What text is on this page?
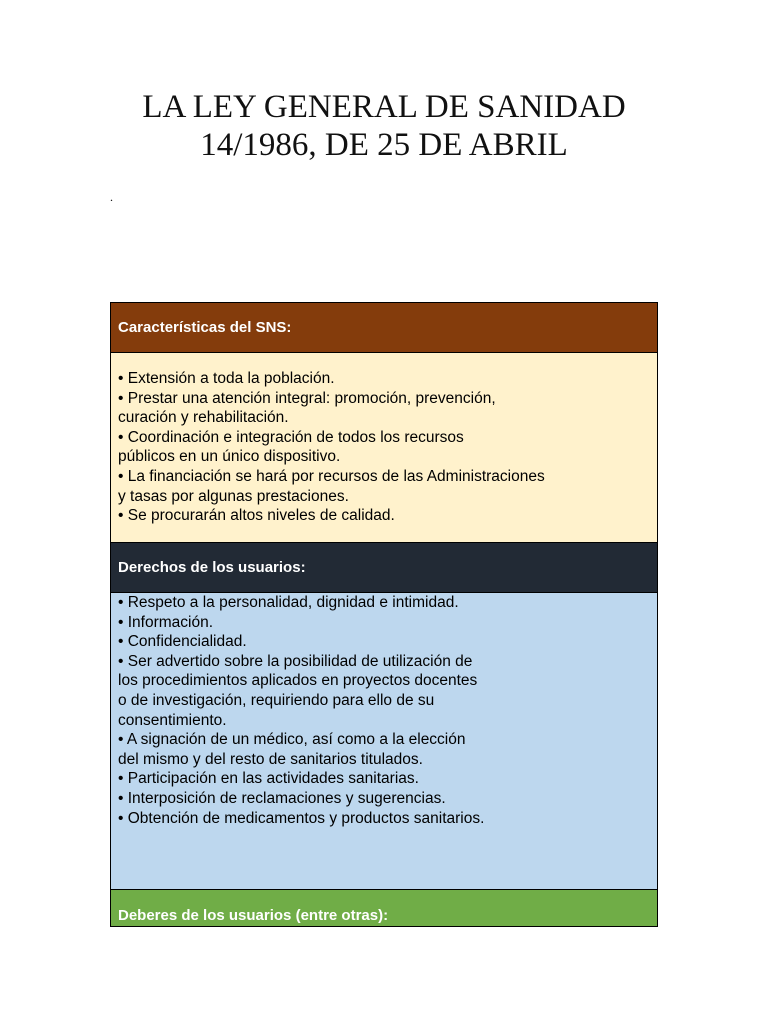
LA LEY GENERAL DE SANIDAD
14/1986, DE 25 DE ABRIL
.
Características del SNS:
• Extensión a toda la población.
• Prestar una atención integral: promoción, prevención,
curación y rehabilitación.
• Coordinación e integración de todos los recursos
públicos en un único dispositivo.
• La financiación se hará por recursos de las Administraciones
y tasas por algunas prestaciones.
• Se procurarán altos niveles de calidad.
Derechos de los usuarios:
• Respeto a la personalidad, dignidad e intimidad.
• Información.
• Confidencialidad.
• Ser advertido sobre la posibilidad de utilización de
los procedimientos aplicados en proyectos docentes
o de investigación, requiriendo para ello de su
consentimiento.
• A signación de un médico, así como a la elección
del mismo y del resto de sanitarios titulados.
• Participación en las actividades sanitarias.
• Interposición de reclamaciones y sugerencias.
• Obtención de medicamentos y productos sanitarios.
Deberes de los usuarios (entre otras):
